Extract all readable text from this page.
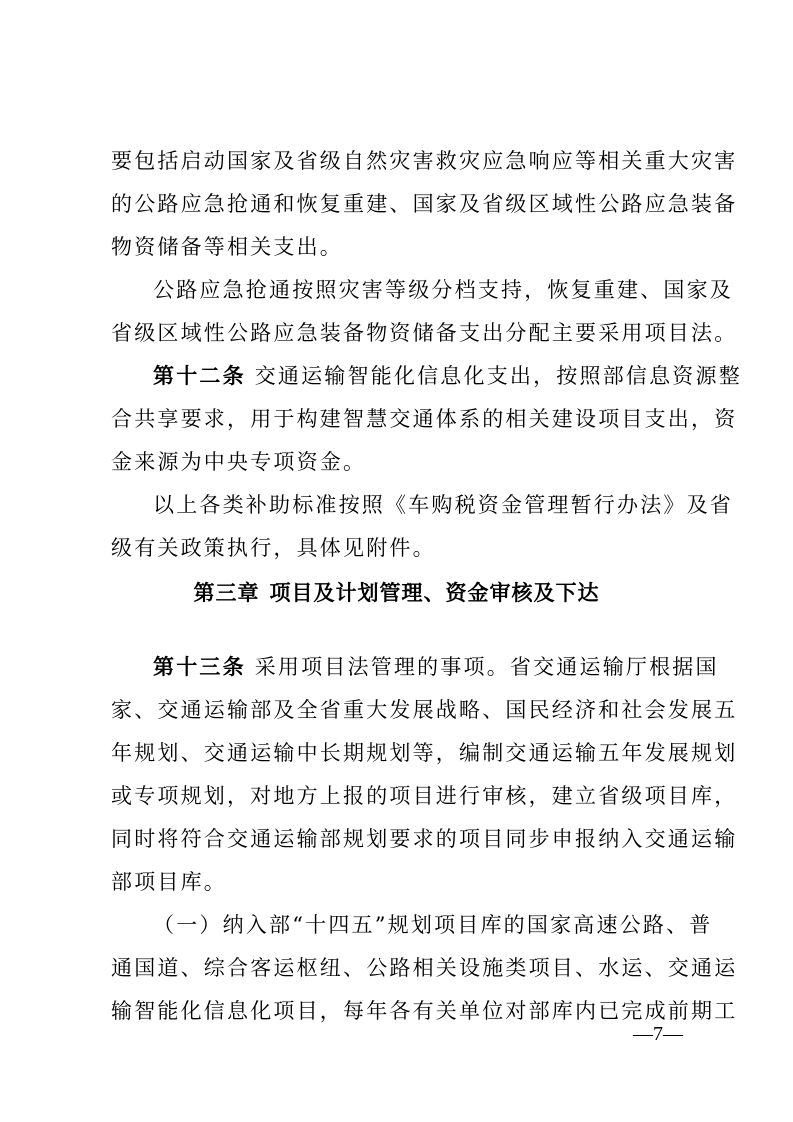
要包括启动国家及省级自然灾害救灾应急响应等相关重大灾害
的公路应急抢通和恢复重建、国家及省级区域性公路应急装备
物资储备等相关支出。
公路应急抢通按照灾害等级分档支持，恢复重建、国家及
省级区域性公路应急装备物资储备支出分配主要采用项目法。
第十二条 交通运输智能化信息化支出，按照部信息资源整
合共享要求，用于构建智慧交通体系的相关建设项目支出，资
金来源为中央专项资金。
以上各类补助标准按照《车购税资金管理暂行办法》及省
级有关政策执行，具体见附件。
第三章 项目及计划管理、资金审核及下达
第十三条 采用项目法管理的事项。省交通运输厅根据国
家、交通运输部及全省重大发展战略、国民经济和社会发展五
年规划、交通运输中长期规划等，编制交通运输五年发展规划
或专项规划，对地方上报的项目进行审核，建立省级项目库，
同时将符合交通运输部规划要求的项目同步申报纳入交通运输
部项目库。
（一）纳入部“十四五”规划项目库的国家高速公路、普
通国道、综合客运枢纽、公路相关设施类项目、水运、交通运
输智能化信息化项目，每年各有关单位对部库内已完成前期工
—7—
